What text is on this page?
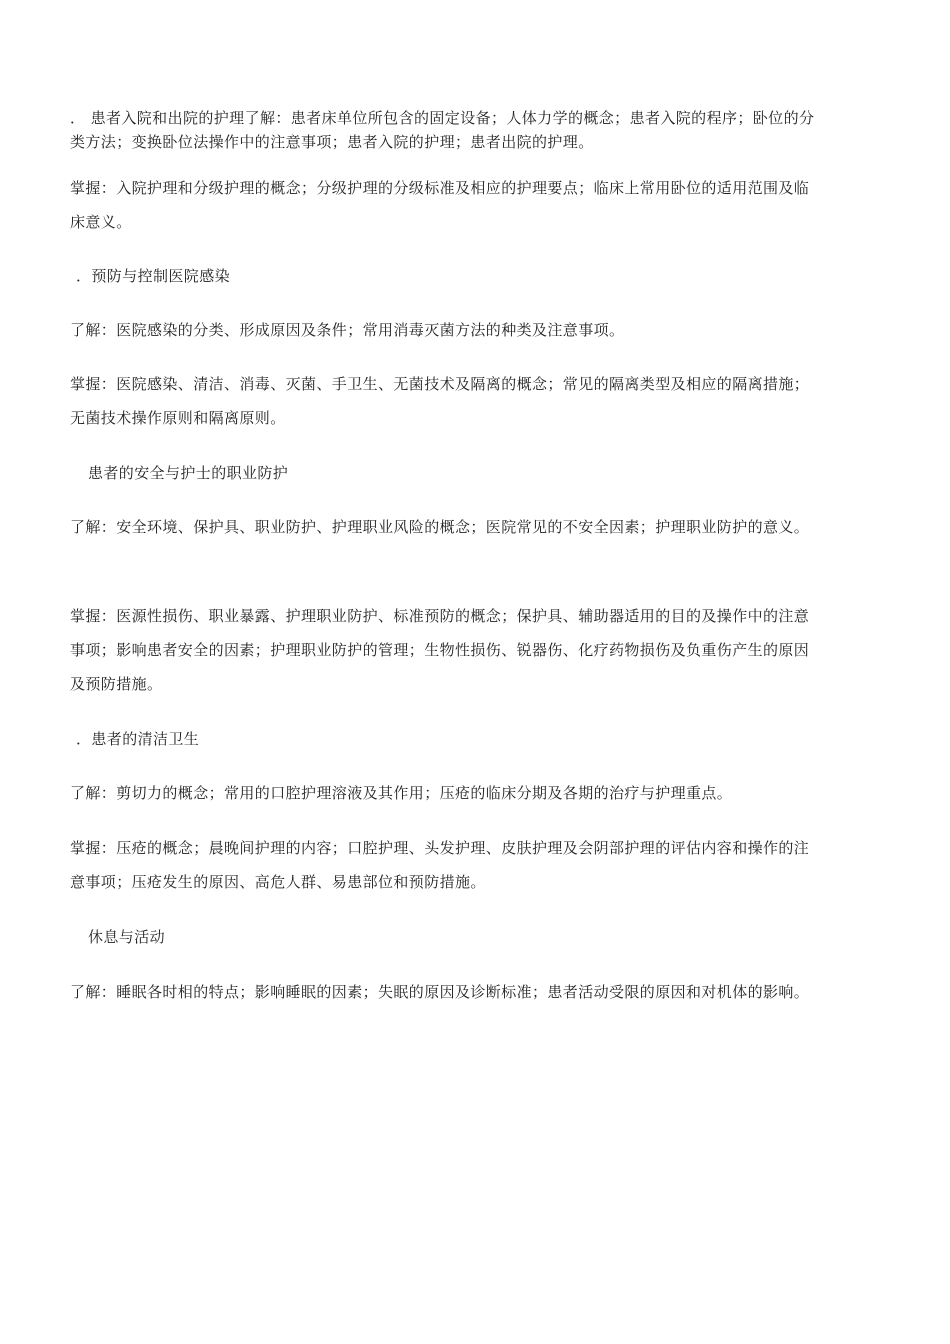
． 患者入院和出院的护理了解：患者床单位所包含的固定设备；人体力学的概念；患者入院的程序；卧位的分类方法；变换卧位法操作中的注意事项；患者入院的护理；患者出院的护理。

掌握：入院护理和分级护理的概念；分级护理的分级标准及相应的护理要点；临床上常用卧位的适用范围及临床意义。

．预防与控制医院感染

了解：医院感染的分类、形成原因及条件；常用消毒灭菌方法的种类及注意事项。

掌握：医院感染、清洁、消毒、灭菌、手卫生、无菌技术及隔离的概念；常见的隔离类型及相应的隔离措施；无菌技术操作原则和隔离原则。

患者的安全与护士的职业防护

了解：安全环境、保护具、职业防护、护理职业风险的概念；医院常见的不安全因素；护理职业防护的意义。

掌握：医源性损伤、职业暴露、护理职业防护、标准预防的概念；保护具、辅助器适用的目的及操作中的注意事项；影响患者安全的因素；护理职业防护的管理；生物性损伤、锐器伤、化疗药物损伤及负重伤产生的原因及预防措施。

．患者的清洁卫生

了解：剪切力的概念；常用的口腔护理溶液及其作用；压疮的临床分期及各期的治疗与护理重点。

掌握：压疮的概念；晨晚间护理的内容；口腔护理、头发护理、皮肤护理及会阴部护理的评估内容和操作的注意事项；压疮发生的原因、高危人群、易患部位和预防措施。

休息与活动

了解：睡眠各时相的特点；影响睡眠的因素；失眠的原因及诊断标准；患者活动受限的原因和对机体的影响。
